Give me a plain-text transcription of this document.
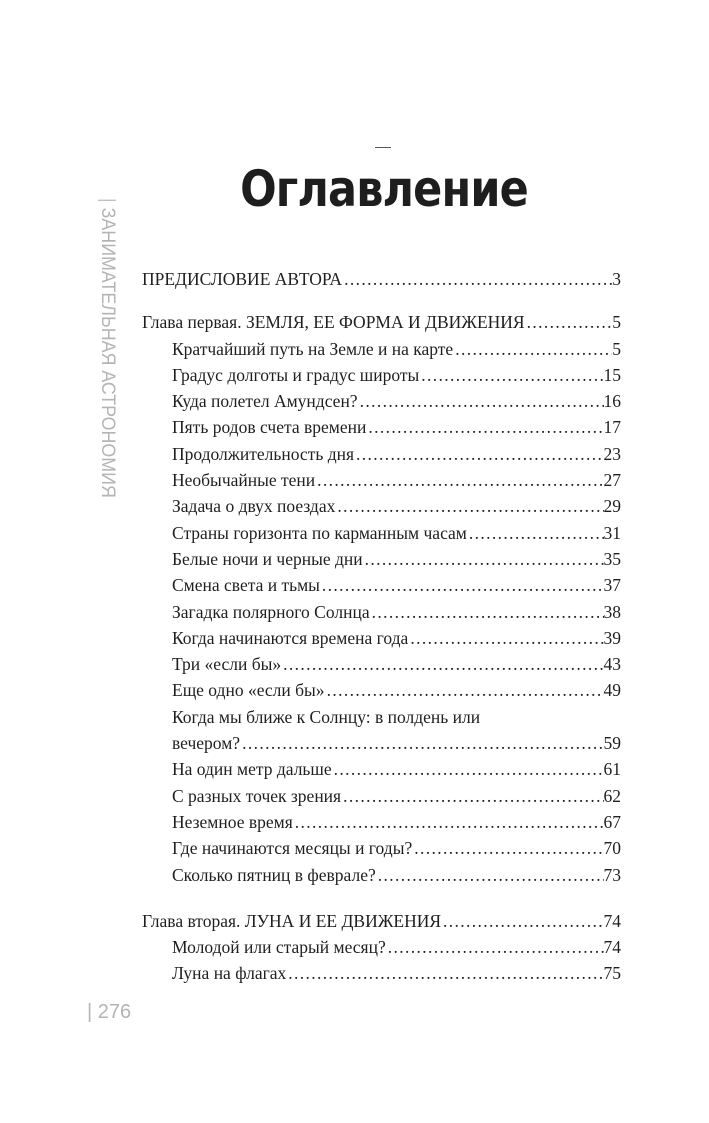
Оглавление
| ЗАНИМАТЕЛЬНАЯ АСТРОНОМИЯ
| 276
ПРЕДИСЛОВИЕ АВТОРА . . .	3
Глава первая. ЗЕМЛЯ, ЕЕ ФОРМА И ДВИЖЕНИЯ . . .	5
Кратчайший путь на Земле и на карте . . .	5
Градус долготы и градус широты . . .	15
Куда полетел Амундсен? . . .	16
Пять родов счета времени . . .	17
Продолжительность дня . . .	23
Необычайные тени . . .	27
Задача о двух поездах . . .	29
Страны горизонта по карманным часам . . .	31
Белые ночи и черные дни . . .	35
Смена света и тьмы . . .	37
Загадка полярного Солнца . . .	38
Когда начинаются времена года . . .	39
Три «если бы» . . .	43
Еще одно «если бы» . . .	49
Когда мы ближе к Солнцу: в полдень или
вечером? . . .	59
На один метр дальше . . .	61
С разных точек зрения . . .	62
Неземное время . . .	67
Где начинаются месяцы и годы? . . .	70
Сколько пятниц в феврале? . . .	73
Глава вторая. ЛУНА И ЕЕ ДВИЖЕНИЯ . . .	74
Молодой или старый месяц? . . .	74
Луна на флагах . . .	75
